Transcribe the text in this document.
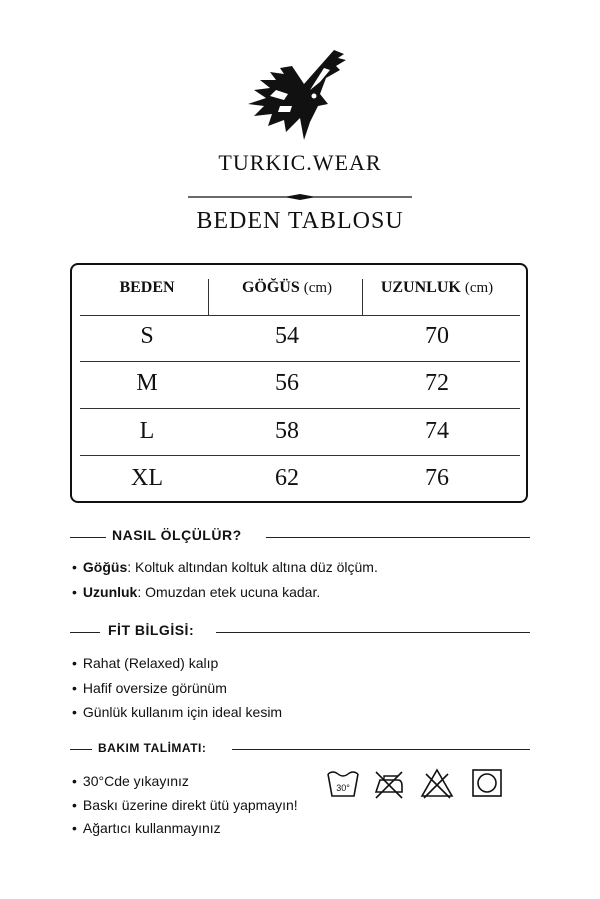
TURKIC.WEAR
BEDEN TABLOSU
BEDEN	GÖĞÜS (cm)	UZUNLUK (cm)
S	54	70
M	56	72
L	58	74
XL	62	76
NASIL ÖLÇÜLÜR?
• Göğüs: Koltuk altından koltuk altına düz ölçüm.
• Uzunluk: Omuzdan etek ucuna kadar.
FİT BİLGİSİ:
• Rahat (Relaxed) kalıp
• Hafif oversize görünüm
• Günlük kullanım için ideal kesim
BAKIM TALİMATI:
• 30°Cde yıkayınız
• Baskı üzerine direkt ütü yapmayın!
• Ağartıcı kullanmayınız
30°
